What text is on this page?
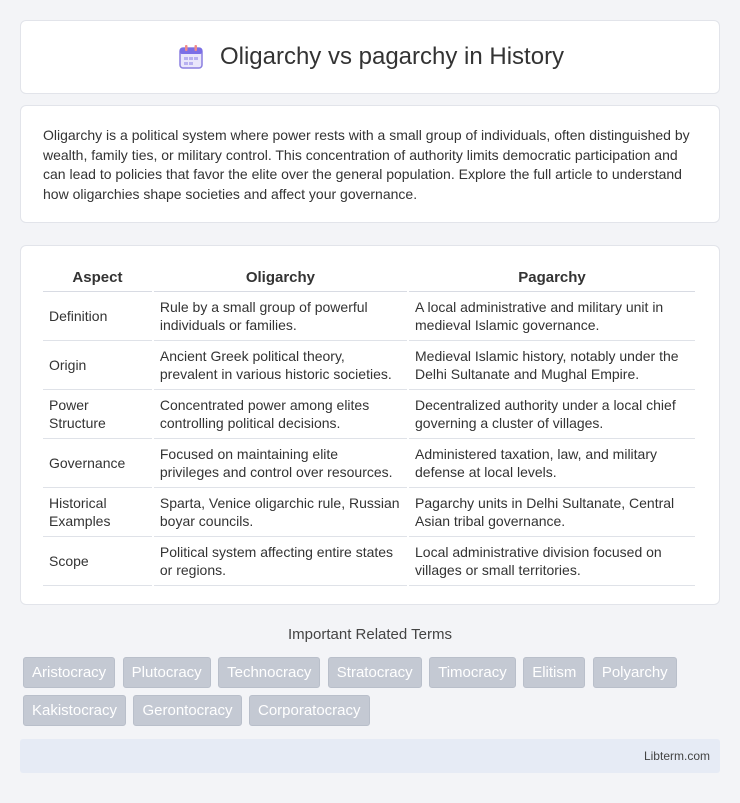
Oligarchy vs pagarchy in History

Oligarchy is a political system where power rests with a small group of individuals, often distinguished by wealth, family ties, or military control. This concentration of authority limits democratic participation and can lead to policies that favor the elite over the general population. Explore the full article to understand how oligarchies shape societies and affect your governance.

Aspect	Oligarchy	Pagarchy
Definition	Rule by a small group of powerful individuals or families.	A local administrative and military unit in medieval Islamic governance.
Origin	Ancient Greek political theory, prevalent in various historic societies.	Medieval Islamic history, notably under the Delhi Sultanate and Mughal Empire.
Power Structure	Concentrated power among elites controlling political decisions.	Decentralized authority under a local chief governing a cluster of villages.
Governance	Focused on maintaining elite privileges and control over resources.	Administered taxation, law, and military defense at local levels.
Historical Examples	Sparta, Venice oligarchic rule, Russian boyar councils.	Pagarchy units in Delhi Sultanate, Central Asian tribal governance.
Scope	Political system affecting entire states or regions.	Local administrative division focused on villages or small territories.
Important Related Terms
Aristocracy Plutocracy Technocracy Stratocracy Timocracy Elitism Polyarchy Kakistocracy Gerontocracy Corporatocracy
Libterm.com
